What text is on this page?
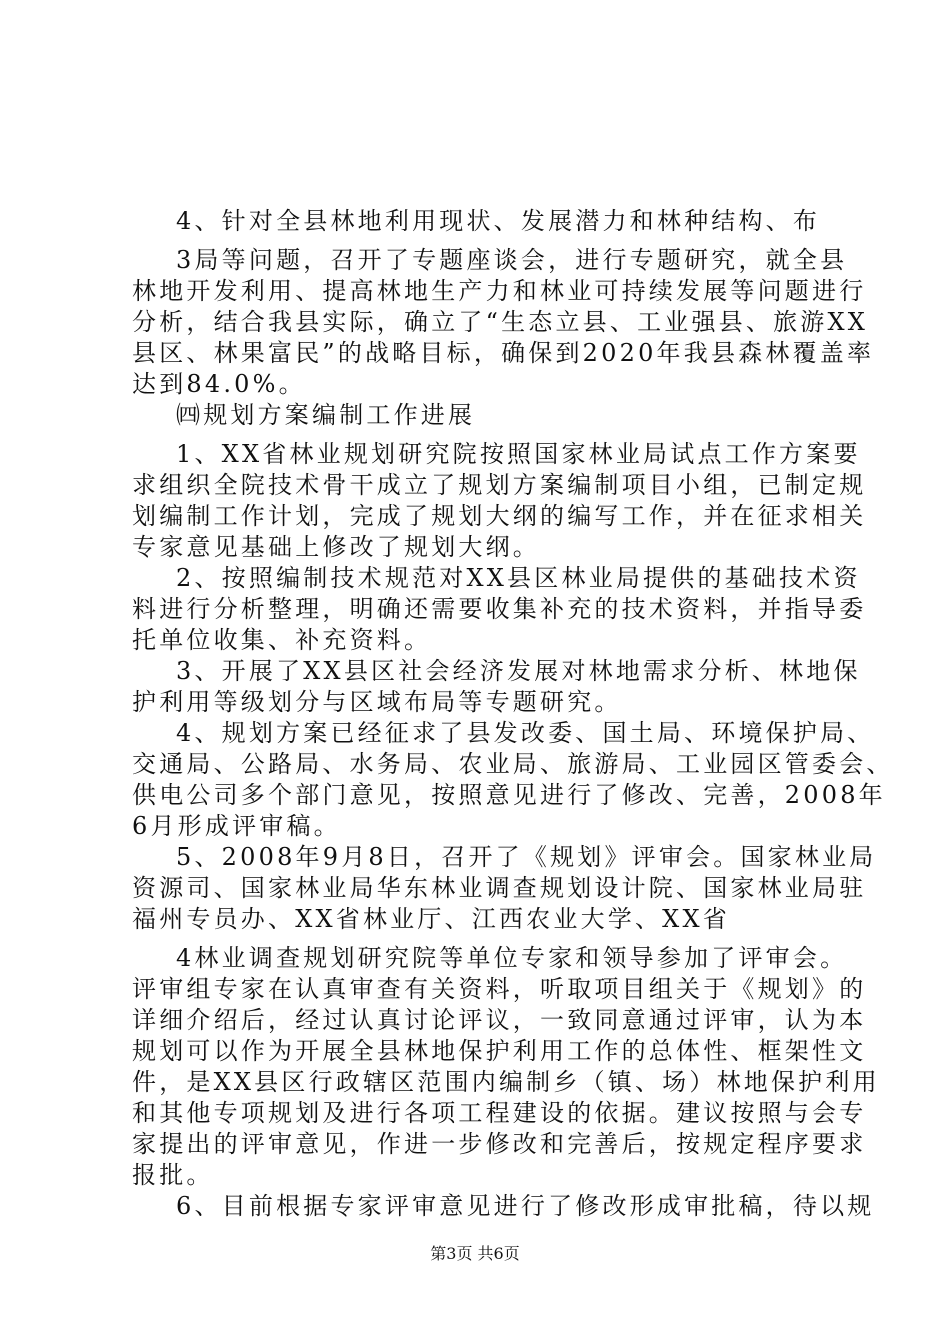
4、针对全县林地利用现状、发展潜力和林种结构、布
3局等问题，召开了专题座谈会，进行专题研究，就全县
林地开发利用、提高林地生产力和林业可持续发展等问题进行
分析，结合我县实际，确立了“生态立县、工业强县、旅游XX
县区、林果富民”的战略目标，确保到2020年我县森林覆盖率
达到84.0%。
㈣规划方案编制工作进展
1、XX省林业规划研究院按照国家林业局试点工作方案要
求组织全院技术骨干成立了规划方案编制项目小组，已制定规
划编制工作计划，完成了规划大纲的编写工作，并在征求相关
专家意见基础上修改了规划大纲。
2、按照编制技术规范对XX县区林业局提供的基础技术资
料进行分析整理，明确还需要收集补充的技术资料，并指导委
托单位收集、补充资料。
3、开展了XX县区社会经济发展对林地需求分析、林地保
护利用等级划分与区域布局等专题研究。
4、规划方案已经征求了县发改委、国土局、环境保护局、
交通局、公路局、水务局、农业局、旅游局、工业园区管委会、
供电公司多个部门意见，按照意见进行了修改、完善，2008年
6月形成评审稿。
5、2008年9月8日，召开了《规划》评审会。国家林业局
资源司、国家林业局华东林业调查规划设计院、国家林业局驻
福州专员办、XX省林业厅、江西农业大学、XX省
4林业调查规划研究院等单位专家和领导参加了评审会。
评审组专家在认真审查有关资料，听取项目组关于《规划》的
详细介绍后，经过认真讨论评议，一致同意通过评审，认为本
规划可以作为开展全县林地保护利用工作的总体性、框架性文
件，是XX县区行政辖区范围内编制乡（镇、场）林地保护利用
和其他专项规划及进行各项工程建设的依据。建议按照与会专
家提出的评审意见，作进一步修改和完善后，按规定程序要求
报批。
6、目前根据专家评审意见进行了修改形成审批稿，待以规
第3页 共6页
